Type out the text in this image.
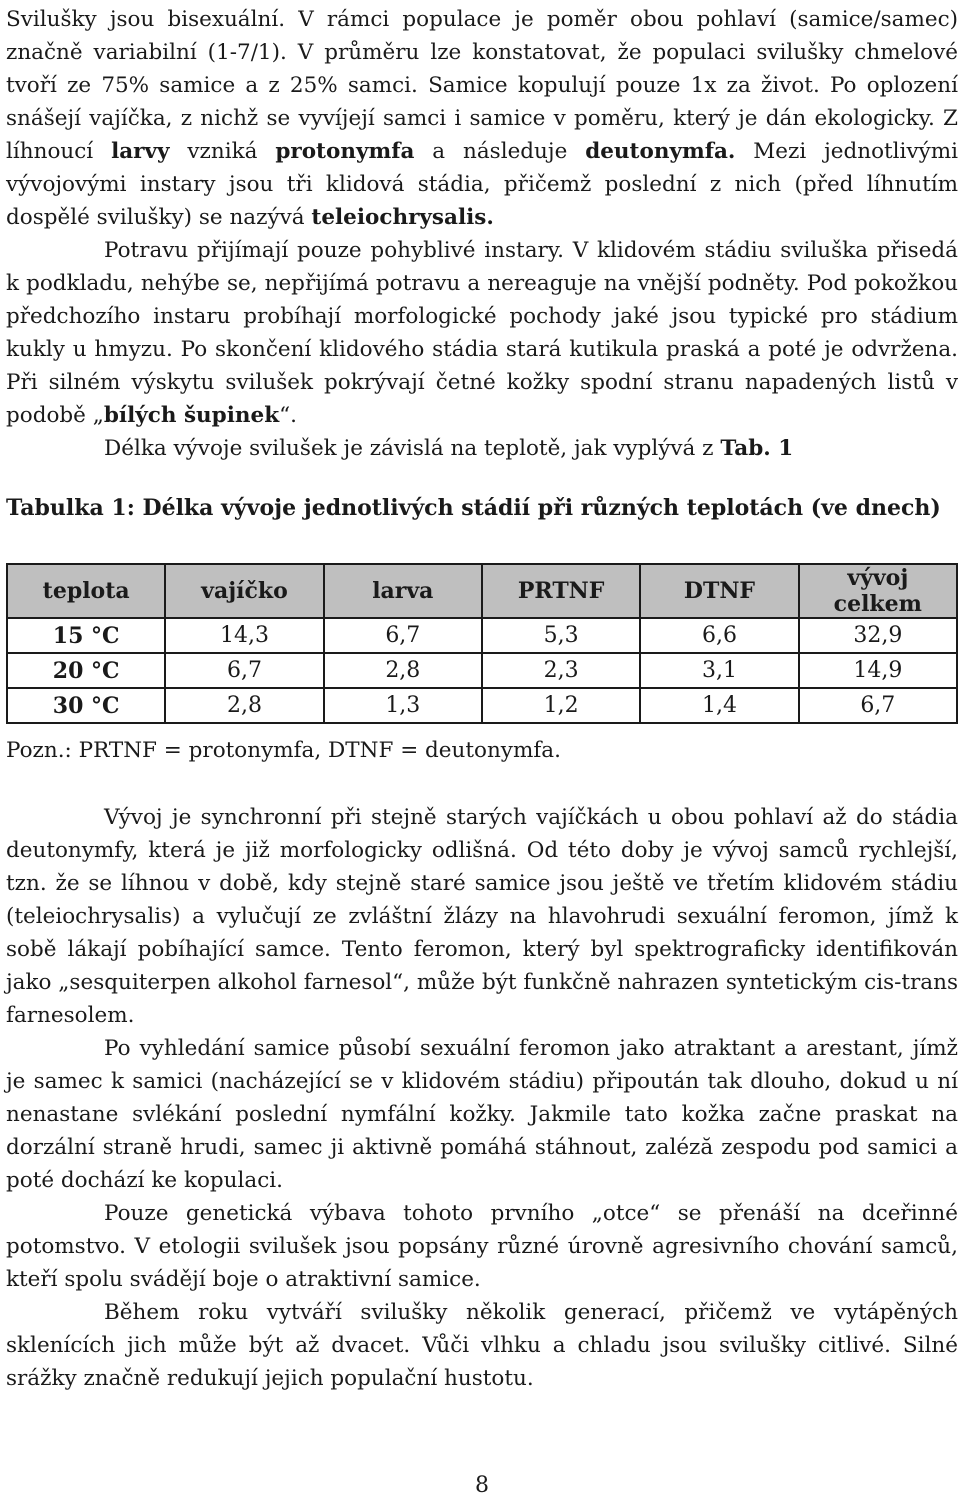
Svilušky jsou bisexuální. V rámci populace je poměr obou pohlaví (samice/samec) značně variabilní (1-7/1). V průměru lze konstatovat, že populaci svilušky chmelové tvoří ze 75% samice a z 25% samci. Samice kopulují pouze 1x za život. Po oplození snášejí vajíčka, z nichž se vyvíjejí samci i samice v poměru, který je dán ekologicky. Z líhnoucí larvy vzniká protonymfa a následuje deutonymfa. Mezi jednotlivými vývojovými instary jsou tři klidová stádia, přičemž poslední z nich (před líhnutím dospělé svilušky) se nazývá teleiochrysalis.

Potravu přijímají pouze pohyblivé instary. V klidovém stádiu sviluška přisedá k podkladu, nehýbe se, nepřijímá potravu a nereaguje na vnější podněty. Pod pokožkou předchozího instaru probíhají morfologické pochody jaké jsou typické pro stádium kukly u hmyzu. Po skončení klidového stádia stará kutikula praská a poté je odvržena. Při silném výskytu svilušek pokrývají četné kožky spodní stranu napadených listů v podobě „bílých šupinek“.

Délka vývoje svilušek je závislá na teplotě, jak vyplývá z Tab. 1

Tabulka 1: Délka vývoje jednotlivých stádií při různých teplotách (ve dnech)

teplota	vajíčko	larva	PRTNF	DTNF	vývoj celkem
15 °C	14,3	6,7	5,3	6,6	32,9
20 °C	6,7	2,8	2,3	3,1	14,9
30 °C	2,8	1,3	1,2	1,4	6,7

Pozn.: PRTNF = protonymfa, DTNF = deutonymfa.

Vývoj je synchronní při stejně starých vajíčkách u obou pohlaví až do stádia deutonymfy, která je již morfologicky odlišná. Od této doby je vývoj samců rychlejší, tzn. že se líhnou v době, kdy stejně staré samice jsou ještě ve třetím klidovém stádiu (teleiochrysalis) a vylučují ze zvláštní žlázy na hlavohrudi sexuální feromon, jímž k sobě lákají pobíhající samce. Tento feromon, který byl spektrograficky identifikován jako „sesquiterpen alkohol farnesol“, může být funkčně nahrazen syntetickým cis-trans farnesolem.

Po vyhledání samice působí sexuální feromon jako atraktant a arestant, jímž je samec k samici (nacházející se v klidovém stádiu) připoután tak dlouho, dokud u ní nenastane svlékání poslední nymfální kožky. Jakmile tato kožka začne praskat na dorzální straně hrudi, samec ji aktivně pomáhá stáhnout, zaléză zespodu pod samici a poté dochází ke kopulaci.

Pouze genetická výbava tohoto prvního „otce“ se přenáší na dceřinné potomstvo. V etologii svilušek jsou popsány různé úrovně agresivního chování samců, kteří spolu svádějí boje o atraktivní samice.

Během roku vytváří svilušky několik generací, přičemž ve vytápěných sklenících jich může být až dvacet. Vůči vlhku a chladu jsou svilušky citlivé. Silné srážky značně redukují jejich populační hustotu.

8
